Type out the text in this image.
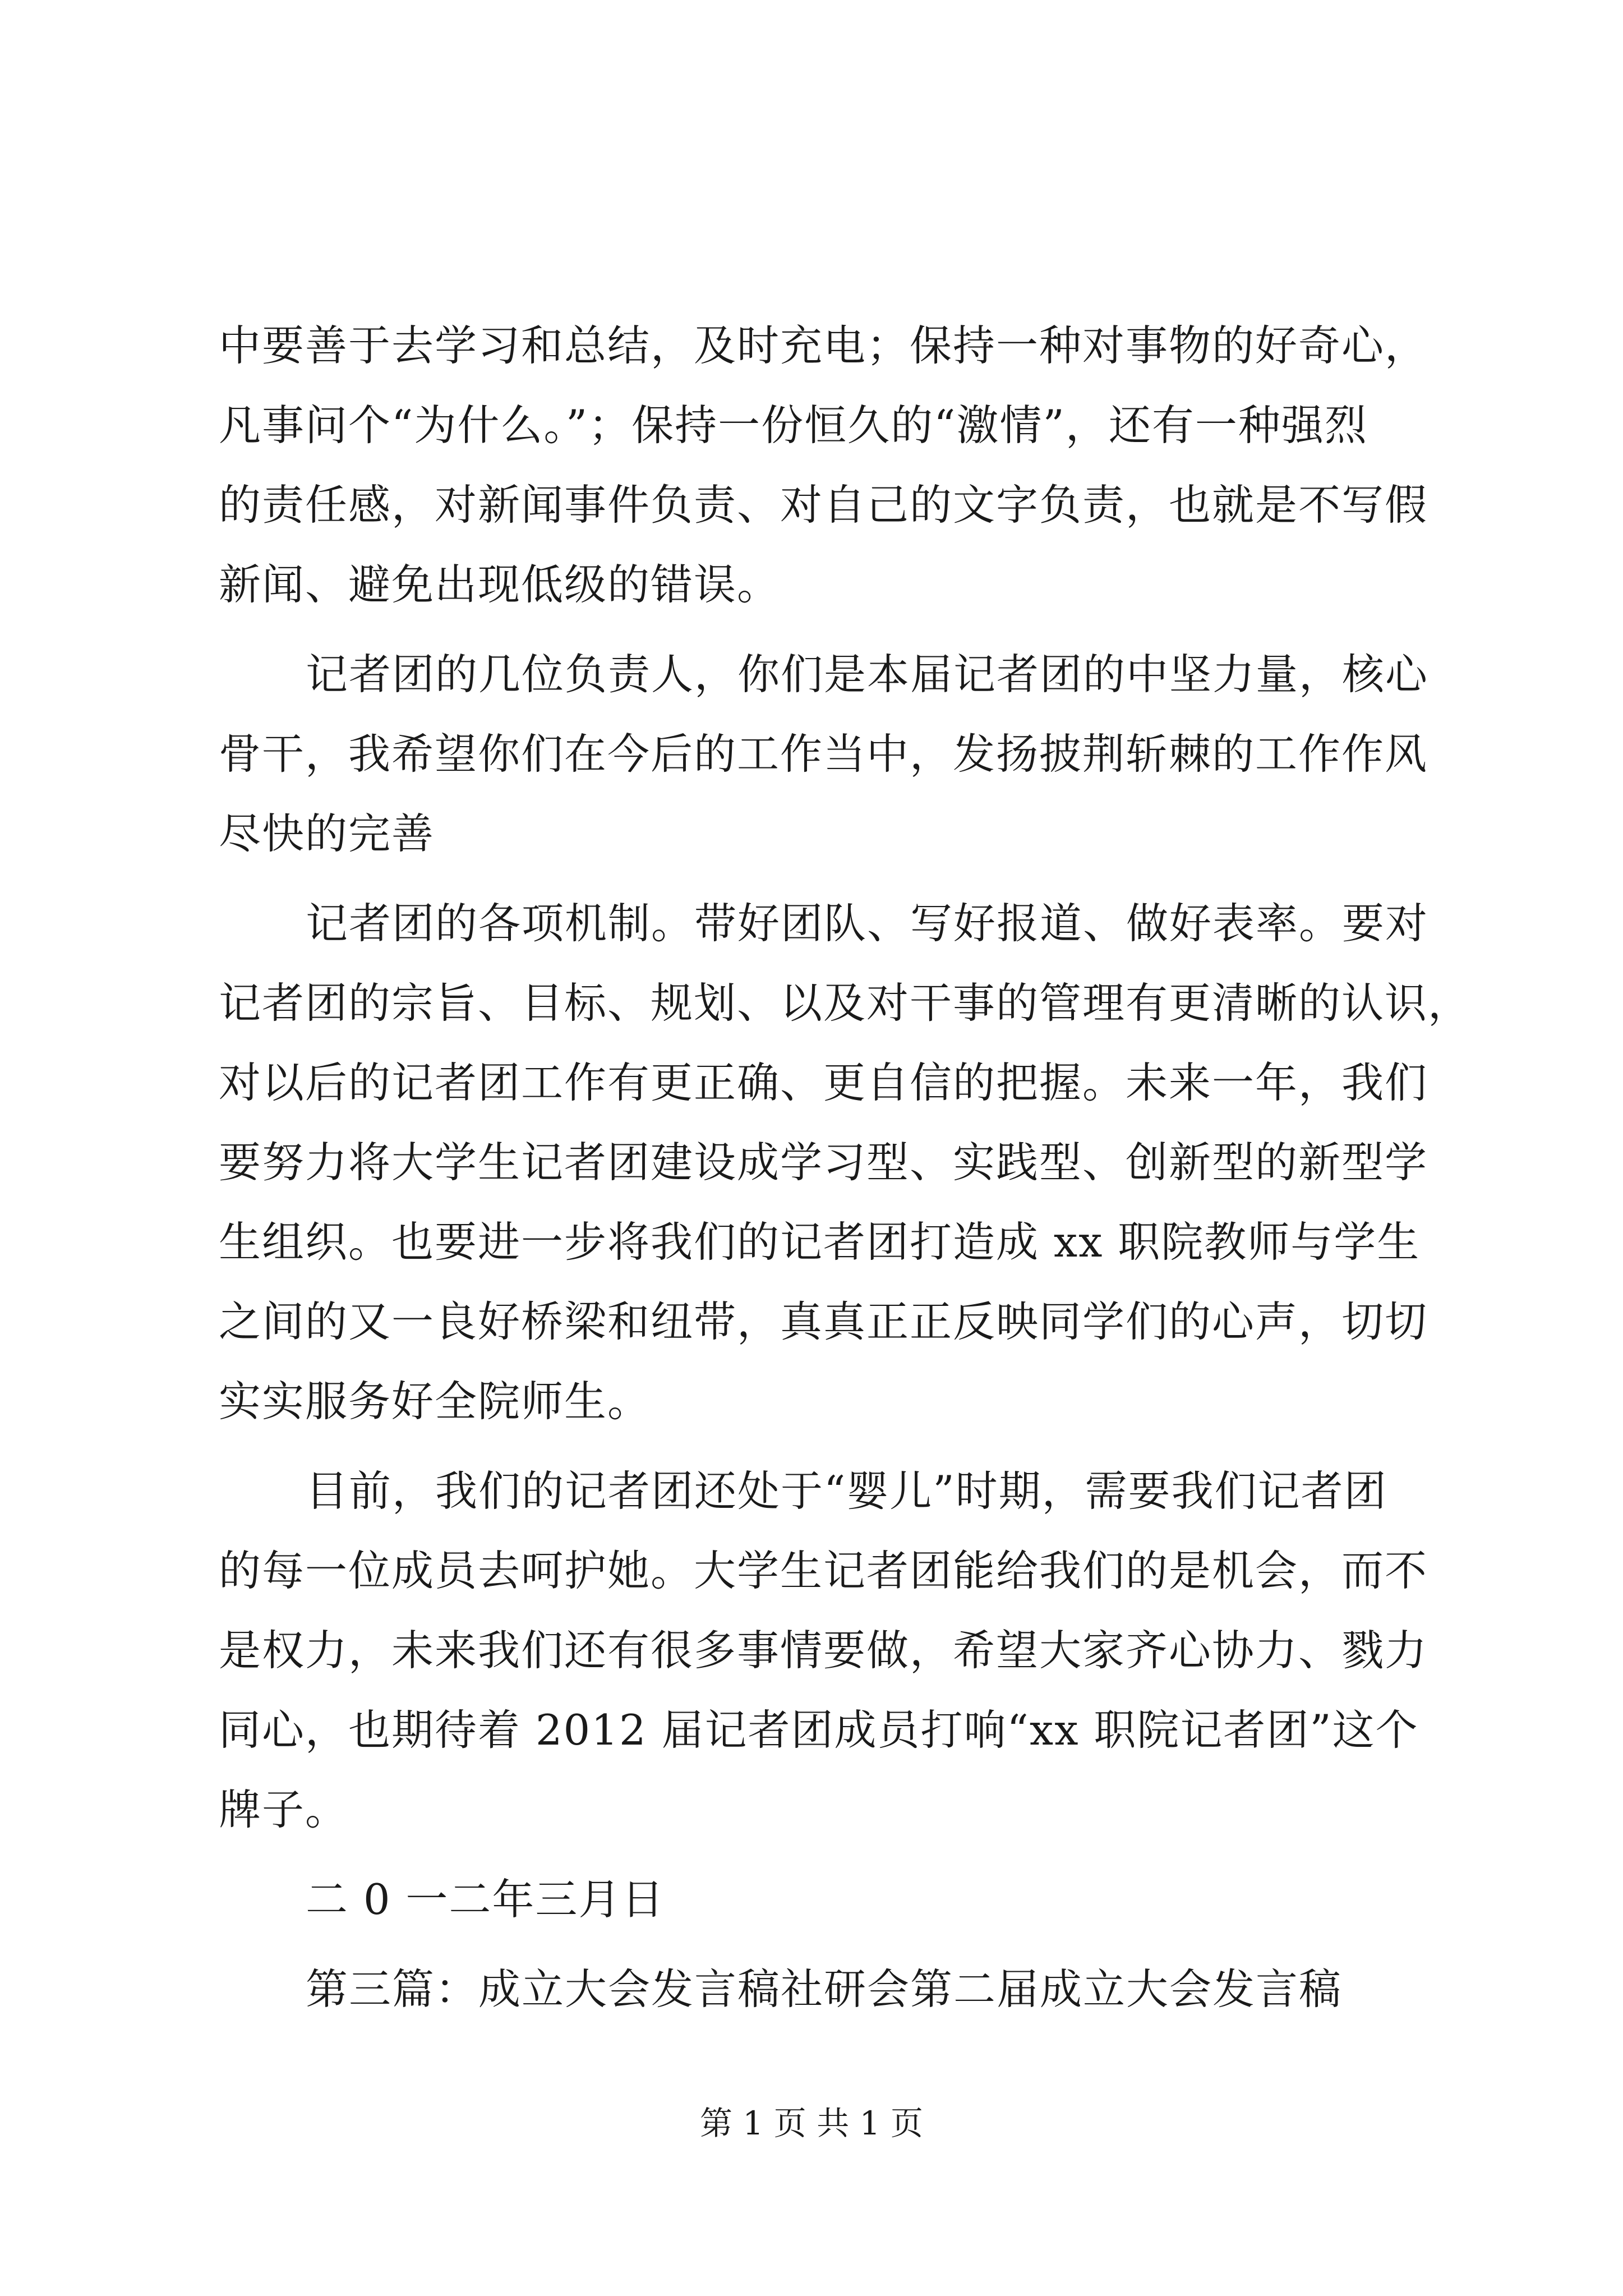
中要善于去学习和总结，及时充电；保持一种对事物的好奇心，
凡事问个“为什么。”；保持一份恒久的“激情”，还有一种强烈
的责任感，对新闻事件负责、对自己的文字负责，也就是不写假
新闻、避免出现低级的错误。
记者团的几位负责人，你们是本届记者团的中坚力量，核心
骨干，我希望你们在今后的工作当中，发扬披荆斩棘的工作作风
尽快的完善
记者团的各项机制。带好团队、写好报道、做好表率。要对
记者团的宗旨、目标、规划、以及对干事的管理有更清晰的认识，
对以后的记者团工作有更正确、更自信的把握。未来一年，我们
要努力将大学生记者团建设成学习型、实践型、创新型的新型学
生组织。也要进一步将我们的记者团打造成 xx 职院教师与学生
之间的又一良好桥梁和纽带，真真正正反映同学们的心声，切切
实实服务好全院师生。
目前，我们的记者团还处于“婴儿”时期，需要我们记者团
的每一位成员去呵护她。大学生记者团能给我们的是机会，而不
是权力，未来我们还有很多事情要做，希望大家齐心协力、戮力
同心，也期待着 2012 届记者团成员打响“xx 职院记者团”这个
牌子。
二 0 一二年三月日
第三篇：成立大会发言稿社研会第二届成立大会发言稿
第 1 页 共 1 页
